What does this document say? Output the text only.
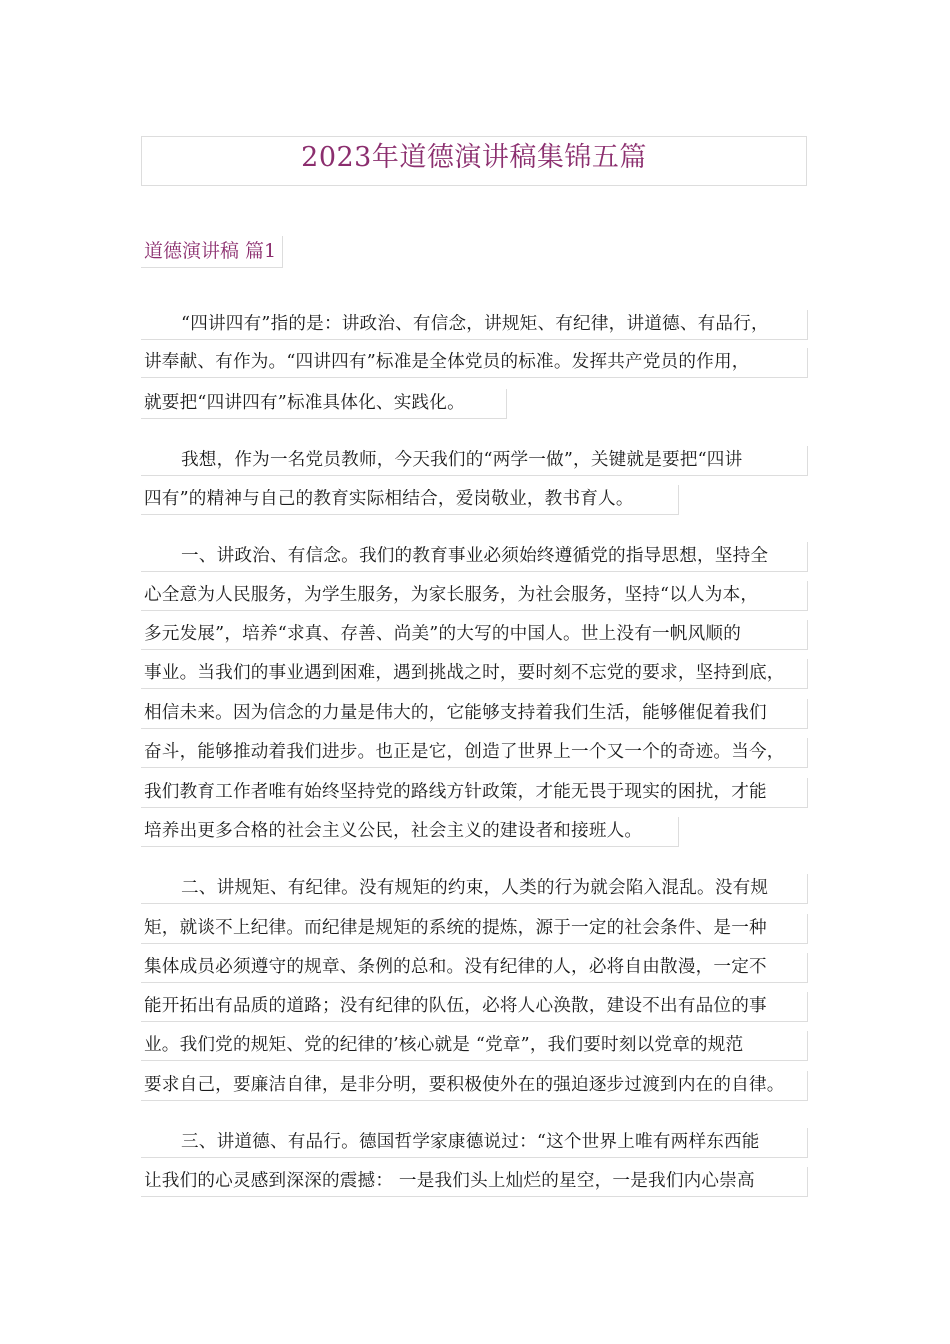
2023年道德演讲稿集锦五篇
道德演讲稿 篇1
“四讲四有”指的是：讲政治、有信念，讲规矩、有纪律，讲道德、有品行，
讲奉献、有作为。“四讲四有”标准是全体党员的标准。发挥共产党员的作用，
就要把“四讲四有”标准具体化、实践化。
我想，作为一名党员教师，今天我们的“两学一做”，关键就是要把“四讲
四有”的精神与自己的教育实际相结合，爱岗敬业，教书育人。
一、讲政治、有信念。我们的教育事业必须始终遵循党的指导思想，坚持全
心全意为人民服务，为学生服务，为家长服务，为社会服务，坚持“以人为本，
多元发展”，培养“求真、存善、尚美”的大写的中国人。世上没有一帆风顺的
事业。当我们的事业遇到困难，遇到挑战之时，要时刻不忘党的要求，坚持到底，
相信未来。因为信念的力量是伟大的，它能够支持着我们生活，能够催促着我们
奋斗，能够推动着我们进步。也正是它，创造了世界上一个又一个的奇迹。当今，
我们教育工作者唯有始终坚持党的路线方针政策，才能无畏于现实的困扰，才能
培养出更多合格的社会主义公民，社会主义的建设者和接班人。
二、讲规矩、有纪律。没有规矩的约束，人类的行为就会陷入混乱。没有规
矩，就谈不上纪律。而纪律是规矩的系统的提炼，源于一定的社会条件、是一种
集体成员必须遵守的规章、条例的总和。没有纪律的人，必将自由散漫，一定不
能开拓出有品质的道路；没有纪律的队伍，必将人心涣散，建设不出有品位的事
业。我们党的规矩、党的纪律的’核心就是 “党章”，我们要时刻以党章的规范
要求自己，要廉洁自律，是非分明，要积极使外在的强迫逐步过渡到内在的自律。
三、讲道德、有品行。德国哲学家康德说过：“这个世界上唯有两样东西能
让我们的心灵感到深深的震撼： 一是我们头上灿烂的星空，一是我们内心崇高
